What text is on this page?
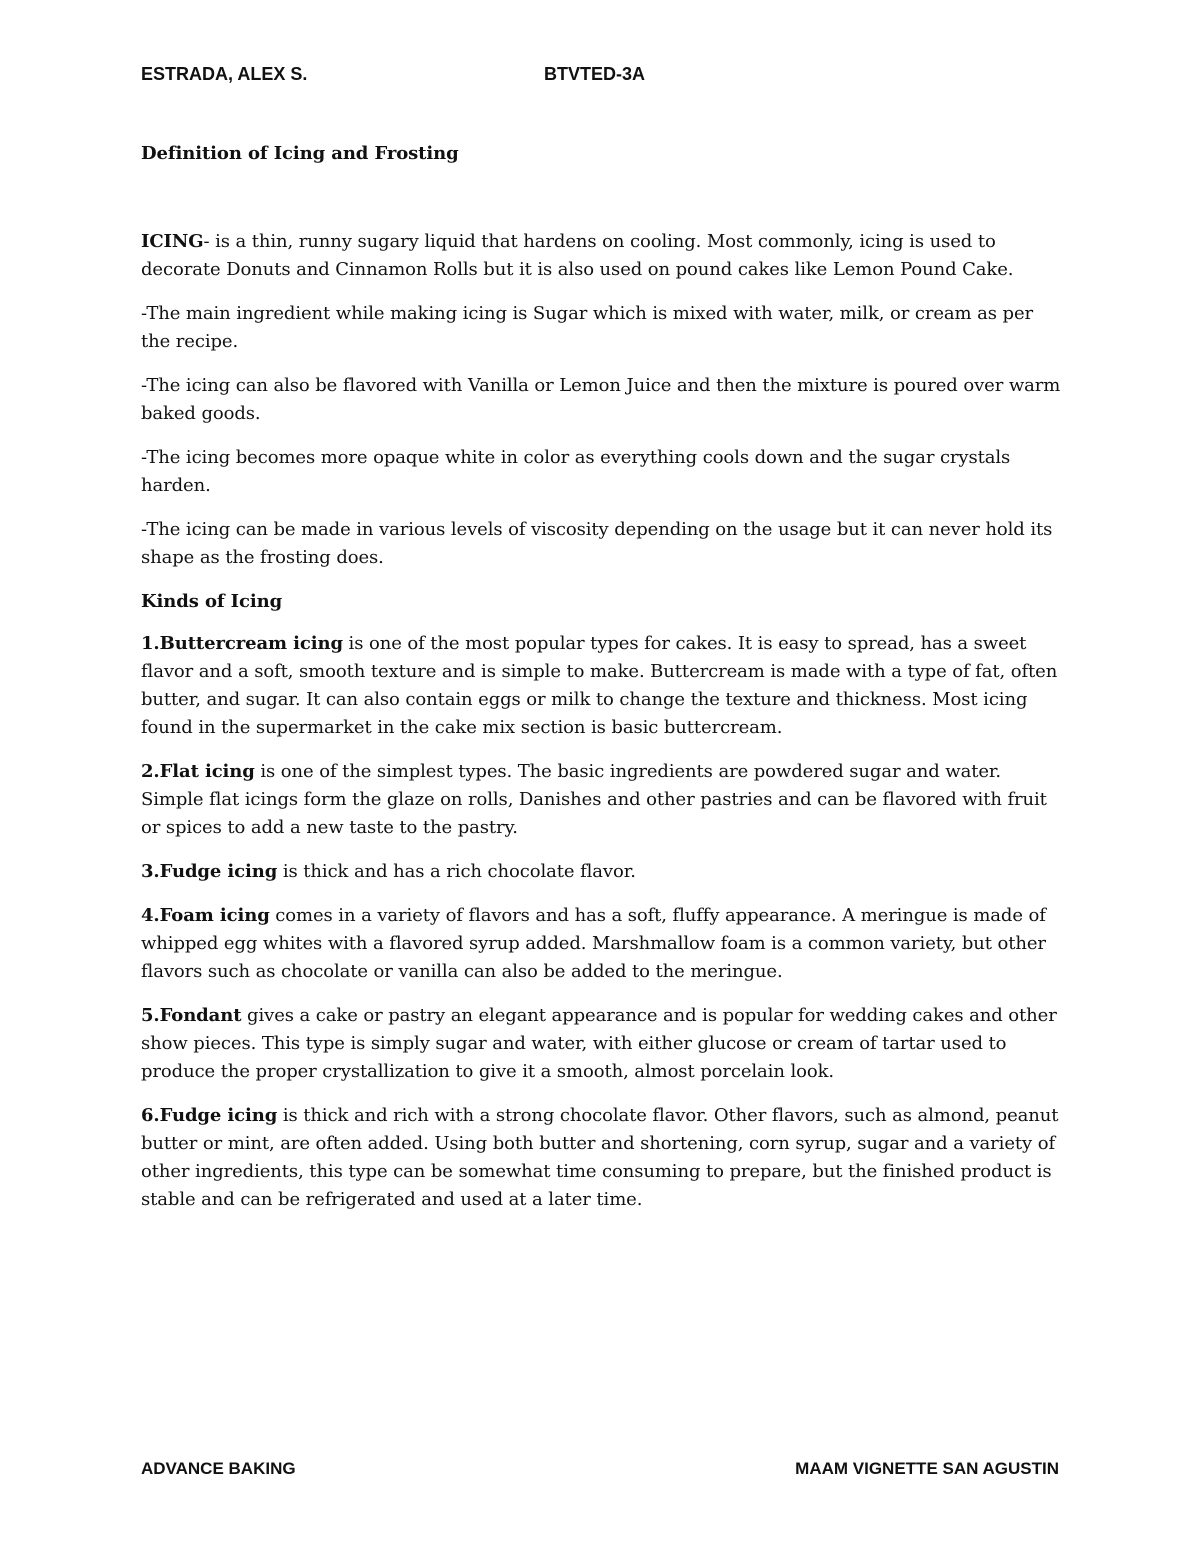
ESTRADA, ALEX S.	BTVTED-3A
Definition of Icing and Frosting

ICING- is a thin, runny sugary liquid that hardens on cooling. Most commonly, icing is used to decorate Donuts and Cinnamon Rolls but it is also used on pound cakes like Lemon Pound Cake.

-The main ingredient while making icing is Sugar which is mixed with water, milk, or cream as per the recipe.

-The icing can also be flavored with Vanilla or Lemon Juice and then the mixture is poured over warm baked goods.

-The icing becomes more opaque white in color as everything cools down and the sugar crystals harden.

-The icing can be made in various levels of viscosity depending on the usage but it can never hold its shape as the frosting does.

Kinds of Icing

1.Buttercream icing is one of the most popular types for cakes. It is easy to spread, has a sweet flavor and a soft, smooth texture and is simple to make. Buttercream is made with a type of fat, often butter, and sugar. It can also contain eggs or milk to change the texture and thickness. Most icing found in the supermarket in the cake mix section is basic buttercream.

2.Flat icing is one of the simplest types. The basic ingredients are powdered sugar and water. Simple flat icings form the glaze on rolls, Danishes and other pastries and can be flavored with fruit or spices to add a new taste to the pastry.

3.Fudge icing is thick and has a rich chocolate flavor.

4.Foam icing comes in a variety of flavors and has a soft, fluffy appearance. A meringue is made of whipped egg whites with a flavored syrup added. Marshmallow foam is a common variety, but other flavors such as chocolate or vanilla can also be added to the meringue.

5.Fondant gives a cake or pastry an elegant appearance and is popular for wedding cakes and other show pieces. This type is simply sugar and water, with either glucose or cream of tartar used to produce the proper crystallization to give it a smooth, almost porcelain look.

6.Fudge icing is thick and rich with a strong chocolate flavor. Other flavors, such as almond, peanut butter or mint, are often added. Using both butter and shortening, corn syrup, sugar and a variety of other ingredients, this type can be somewhat time consuming to prepare, but the finished product is stable and can be refrigerated and used at a later time.

ADVANCE BAKING	MAAM VIGNETTE SAN AGUSTIN
